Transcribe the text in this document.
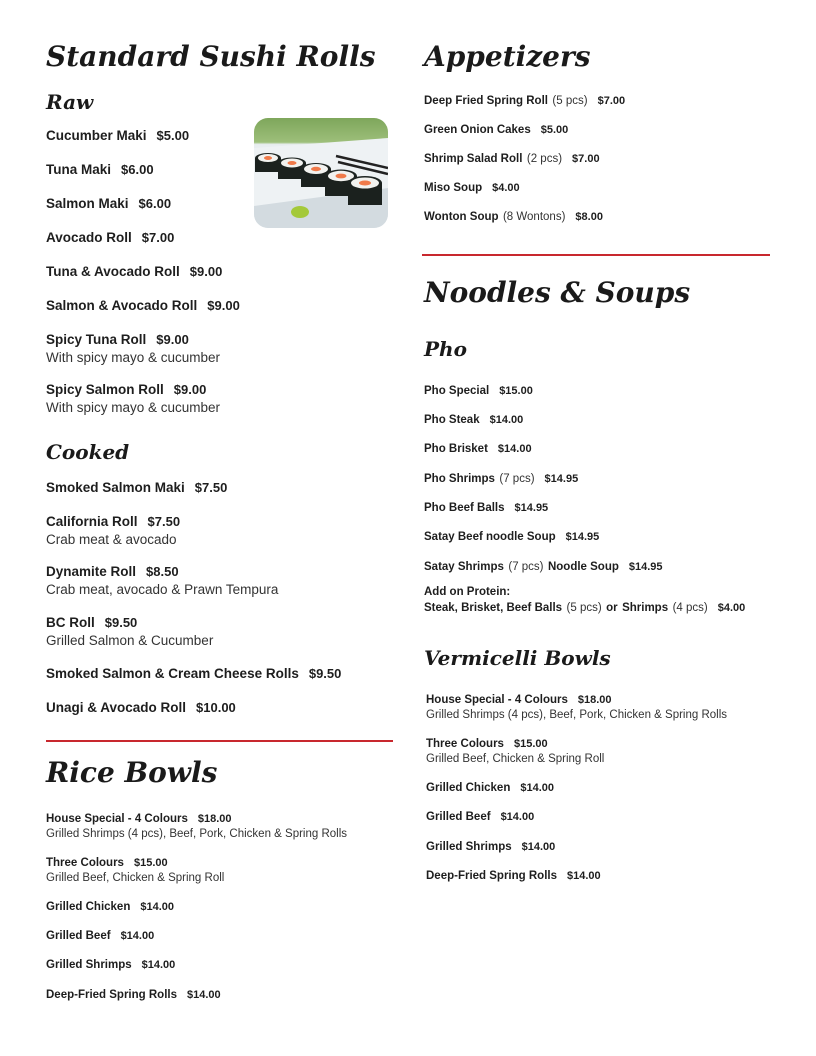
Standard Sushi Rolls
Raw
Cucumber Maki $5.00
Tuna Maki $6.00
Salmon Maki $6.00
Avocado Roll $7.00
Tuna & Avocado Roll $9.00
Salmon & Avocado Roll $9.00
Spicy Tuna Roll $9.00
With spicy mayo & cucumber
Spicy Salmon Roll $9.00
With spicy mayo & cucumber
Cooked
Smoked Salmon Maki $7.50
California Roll $7.50
Crab meat & avocado
Dynamite Roll $8.50
Crab meat, avocado & Prawn Tempura
BC Roll $9.50
Grilled Salmon & Cucumber
Smoked Salmon & Cream Cheese Rolls $9.50
Unagi & Avocado Roll $10.00
Rice Bowls
House Special - 4 Colours $18.00
Grilled Shrimps (4 pcs), Beef, Pork, Chicken & Spring Rolls
Three Colours $15.00
Grilled Beef, Chicken & Spring Roll
Grilled Chicken $14.00
Grilled Beef $14.00
Grilled Shrimps $14.00
Deep-Fried Spring Rolls $14.00
Appetizers
Deep Fried Spring Roll (5 pcs) $7.00
Green Onion Cakes $5.00
Shrimp Salad Roll (2 pcs) $7.00
Miso Soup $4.00
Wonton Soup (8 Wontons) $8.00
Noodles & Soups
Pho
Pho Special $15.00
Pho Steak $14.00
Pho Brisket $14.00
Pho Shrimps (7 pcs) $14.95
Pho Beef Balls $14.95
Satay Beef noodle Soup $14.95
Satay Shrimps (7 pcs) Noodle Soup $14.95
Add on Protein:
Steak, Brisket, Beef Balls (5 pcs) or Shrimps (4 pcs) $4.00
Vermicelli Bowls
House Special - 4 Colours $18.00
Grilled Shrimps (4 pcs), Beef, Pork, Chicken & Spring Rolls
Three Colours $15.00
Grilled Beef, Chicken & Spring Roll
Grilled Chicken $14.00
Grilled Beef $14.00
Grilled Shrimps $14.00
Deep-Fried Spring Rolls $14.00
